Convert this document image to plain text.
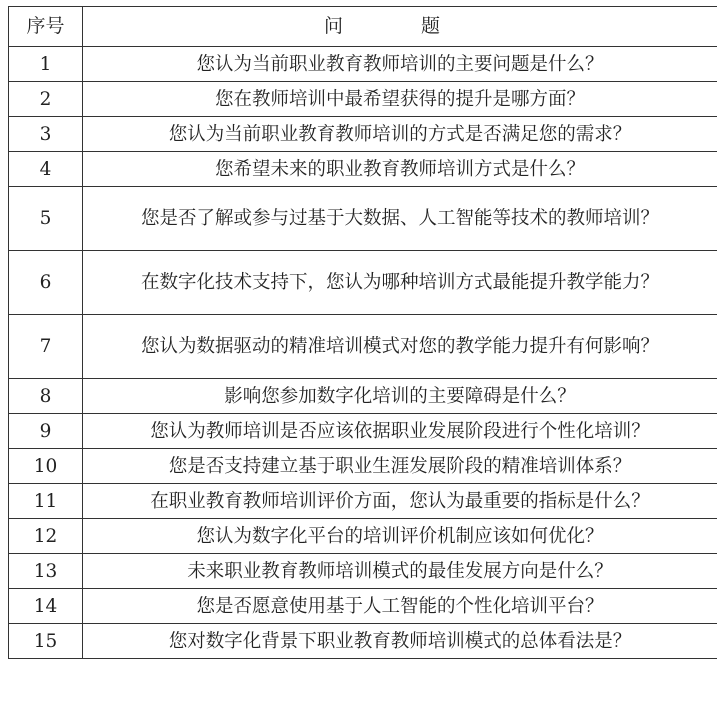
序号	问 题
1	您认为当前职业教育教师培训的主要问题是什么？
2	您在教师培训中最希望获得的提升是哪方面？
3	您认为当前职业教育教师培训的方式是否满足您的需求？
4	您希望未来的职业教育教师培训方式是什么？
5	您是否了解或参与过基于大数据、人工智能等技术的教师培训？
6	在数字化技术支持下，您认为哪种培训方式最能提升教学能力？
7	您认为数据驱动的精准培训模式对您的教学能力提升有何影响？
8	影响您参加数字化培训的主要障碍是什么？
9	您认为教师培训是否应该依据职业发展阶段进行个性化培训？
10	您是否支持建立基于职业生涯发展阶段的精准培训体系？
11	在职业教育教师培训评价方面，您认为最重要的指标是什么？
12	您认为数字化平台的培训评价机制应该如何优化？
13	未来职业教育教师培训模式的最佳发展方向是什么？
14	您是否愿意使用基于人工智能的个性化培训平台？
15	您对数字化背景下职业教育教师培训模式的总体看法是？
